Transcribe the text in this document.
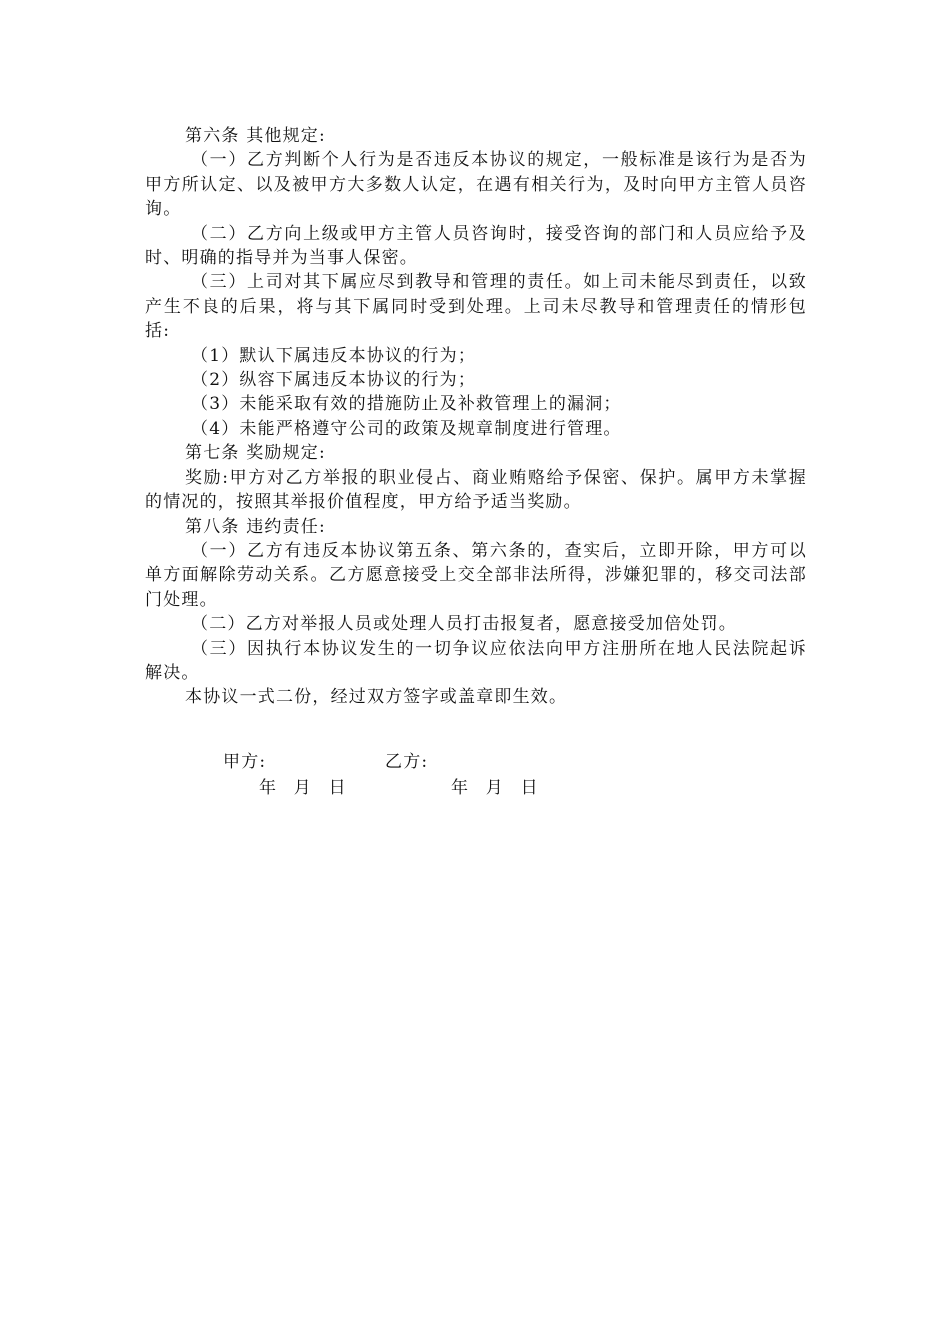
第六条 其他规定:

（一）乙方判断个人行为是否违反本协议的规定，一般标准是该行为是否为甲方所认定、以及被甲方大多数人认定，在遇有相关行为，及时向甲方主管人员咨询。

（二）乙方向上级或甲方主管人员咨询时，接受咨询的部门和人员应给予及时、明确的指导并为当事人保密。

（三）上司对其下属应尽到教导和管理的责任。如上司未能尽到责任，以致产生不良的后果，将与其下属同时受到处理。上司未尽教导和管理责任的情形包括:

（1）默认下属违反本协议的行为；

（2）纵容下属违反本协议的行为；

（3）未能采取有效的措施防止及补救管理上的漏洞；

（4）未能严格遵守公司的政策及规章制度进行管理。

第七条 奖励规定:

奖励:甲方对乙方举报的职业侵占、商业贿赂给予保密、保护。属甲方未掌握的情况的，按照其举报价值程度，甲方给予适当奖励。

第八条 违约责任:

（一）乙方有违反本协议第五条、第六条的，查实后，立即开除，甲方可以单方面解除劳动关系。乙方愿意接受上交全部非法所得，涉嫌犯罪的，移交司法部门处理。

（二）乙方对举报人员或处理人员打击报复者，愿意接受加倍处罚。

（三）因执行本协议发生的一切争议应依法向甲方注册所在地人民法院起诉解决。

本协议一式二份，经过双方签字或盖章即生效。

甲方:	乙方:
年 月 日	年 月 日
